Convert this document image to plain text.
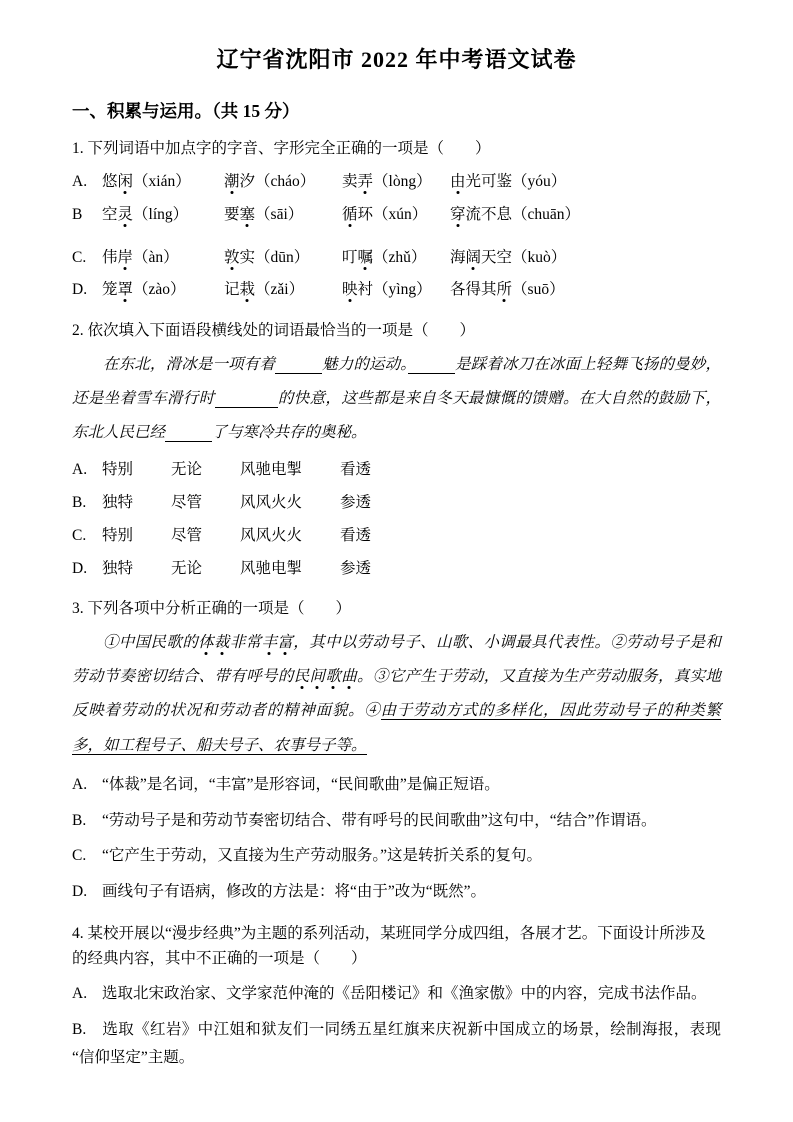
辽宁省沈阳市 2022 年中考语文试卷
一、积累与运用。（共 15 分）

1. 下列词语中加点字的字音、字形完全正确的一项是（　　）

A. 悠闲（xián）	潮汐（cháo）	卖弄（lòng）	由光可鉴（yóu）
B	空灵（líng）	要塞（sāi）	循环（xún）	穿流不息（chuān）
C.	伟岸（àn）	敦实（dūn）	叮嘱（zhǔ）	海阔天空（kuò）
D. 笼罩（zào）	记栽（zǎi）	映衬（yìng）	各得其所（suō）

2. 依次填入下面语段横线处的词语最恰当的一项是（　　）

在东北，滑冰是一项有着　　　	魅力的运动。　　　	是踩着冰刀在冰面上轻舞飞扬的曼妙，还是坐着雪车滑行时　　　　	的快意，这些都是来自冬天最慷慨的馈赠。在大自然的鼓励下，东北人民已经　　　	了与寒冷共存的奥秘。

A. 特别	无论	风驰电掣	看透
B.	独特	尽管	风风火火	参透
C.	特别	尽管	风风火火	看透
D. 独特	无论	风驰电掣	参透

3. 下列各项中分析正确的一项是（　　）

①中国民歌的体裁非常丰富，其中以劳动号子、山歌、小调最具代表性。②劳动号子是和劳动节奏密切结合、带有呼号的民间歌曲。③它产生于劳动，又直接为生产劳动服务，真实地反映着劳动的状况和劳动者的精神面貌。④由于劳动方式的多样化，因此劳动号子的种类繁多，如工程号子、船夫号子、农事号子等。

A. “体裁”是名词，“丰富”是形容词，“民间歌曲”是偏正短语。

B. “劳动号子是和劳动节奏密切结合、带有呼号的民间歌曲”这句中，“结合”作谓语。

C. “它产生于劳动，又直接为生产劳动服务。”这是转折关系的复句。

D. 画线句子有语病，修改的方法是：将“由于”改为“既然”。

4. 某校开展以“漫步经典”为主题的系列活动，某班同学分成四组，各展才艺。下面设计所涉及的经典内容，其中不正确的一项是（　　）

A. 选取北宋政治家、文学家范仲淹的《岳阳楼记》和《渔家傲》中的内容，完成书法作品。

B. 选取《红岩》中江姐和狱友们一同绣五星红旗来庆祝新中国成立的场景，绘制海报，表现“信仰坚定”主题。
